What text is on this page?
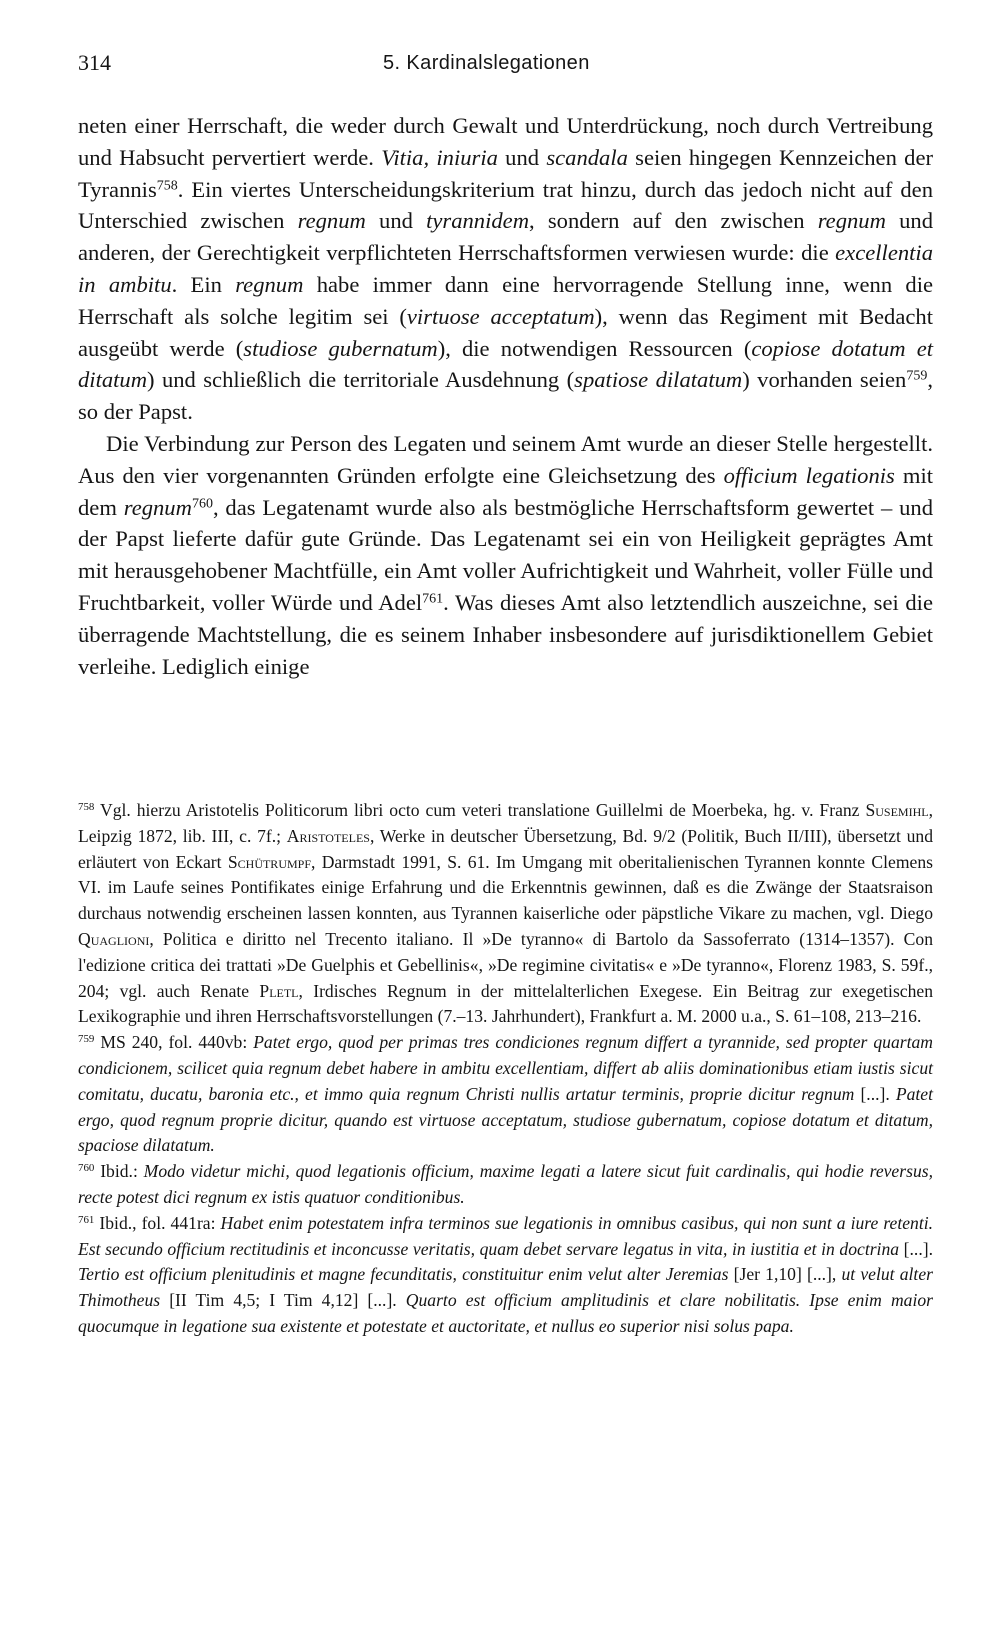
314	5. Kardinalslegationen

neten einer Herrschaft, die weder durch Gewalt und Unterdrückung, noch durch Vertreibung und Habsucht pervertiert werde. Vitia, iniuria und scandala seien hingegen Kennzeichen der Tyrannis$^{758}$. Ein viertes Unterscheidungskriterium trat hinzu, durch das jedoch nicht auf den Unterschied zwischen regnum und tyrannidem, sondern auf den zwischen regnum und anderen, der Gerechtigkeit verpflichteten Herrschaftsformen verwiesen wurde: die excellentia in ambitu. Ein regnum habe immer dann eine hervorragende Stellung inne, wenn die Herrschaft als solche legitim sei (virtuose acceptatum), wenn das Regiment mit Bedacht ausgeübt werde (studiose gubernatum), die notwendigen Ressourcen (copiose dotatum et ditatum) und schließlich die territoriale Ausdehnung (spatiose dilatatum) vorhanden seien$^{759}$, so der Papst.

Die Verbindung zur Person des Legaten und seinem Amt wurde an dieser Stelle hergestellt. Aus den vier vorgenannten Gründen erfolgte eine Gleichsetzung des officium legationis mit dem regnum$^{760}$, das Legatenamt wurde also als bestmögliche Herrschaftsform gewertet – und der Papst lieferte dafür gute Gründe. Das Legatenamt sei ein von Heiligkeit geprägtes Amt mit herausgehobener Machtfülle, ein Amt voller Aufrichtigkeit und Wahrheit, voller Fülle und Fruchtbarkeit, voller Würde und Adel$^{761}$. Was dieses Amt also letztendlich auszeichne, sei die überragende Machtstellung, die es seinem Inhaber insbesondere auf jurisdiktionellem Gebiet verleihe. Lediglich einige

$^{758}$ Vgl. hierzu Aristotelis Politicorum libri octo cum veteri translatione Guillelmi de Moerbeka, hg. v. Franz Susemihl, Leipzig 1872, lib. III, c. 7f.; Aristoteles, Werke in deutscher Übersetzung, Bd. 9/2 (Politik, Buch II/III), übersetzt und erläutert von Eckart Schütrumpf, Darmstadt 1991, S. 61. Im Umgang mit oberitalienischen Tyrannen konnte Clemens VI. im Laufe seines Pontifikates einige Erfahrung und die Erkenntnis gewinnen, daß es die Zwänge der Staatsraison durchaus notwendig erscheinen lassen konnten, aus Tyrannen kaiserliche oder päpstliche Vikare zu machen, vgl. Diego Quaglioni, Politica e diritto nel Trecento italiano. Il »De tyranno« di Bartolo da Sassoferrato (1314–1357). Con l'edizione critica dei trattati »De Guelphis et Gebellinis«, »De regimine civitatis« e »De tyranno«, Florenz 1983, S. 59f., 204; vgl. auch Renate Pletl, Irdisches Regnum in der mittelalterlichen Exegese. Ein Beitrag zur exegetischen Lexikographie und ihren Herrschaftsvorstellungen (7.–13. Jahrhundert), Frankfurt a. M. 2000 u.a., S. 61–108, 213–216.

$^{759}$ MS 240, fol. 440vb: Patet ergo, quod per primas tres condiciones regnum differt a tyrannide, sed propter quartam condicionem, scilicet quia regnum debet habere in ambitu excellentiam, differt ab aliis dominationibus etiam iustis sicut comitatu, ducatu, baronia etc., et immo quia regnum Christi nullis artatur terminis, proprie dicitur regnum [...]. Patet ergo, quod regnum proprie dicitur, quando est virtuose acceptatum, studiose gubernatum, copiose dotatum et ditatum, spaciose dilatatum.

$^{760}$ Ibid.: Modo videtur michi, quod legationis officium, maxime legati a latere sicut fuit cardinalis, qui hodie reversus, recte potest dici regnum ex istis quatuor conditionibus.

$^{761}$ Ibid., fol. 441ra: Habet enim potestatem infra terminos sue legationis in omnibus casibus, qui non sunt a iure retenti. Est secundo officium rectitudinis et inconcusse veritatis, quam debet servare legatus in vita, in iustitia et in doctrina [...]. Tertio est officium plenitudinis et magne fecunditatis, constituitur enim velut alter Jeremias [Jer 1,10] [...], ut velut alter Thimotheus [II Tim 4,5; I Tim 4,12] [...]. Quarto est officium amplitudinis et clare nobilitatis. Ipse enim maior quocumque in legatione sua existente et potestate et auctoritate, et nullus eo superior nisi solus papa.
